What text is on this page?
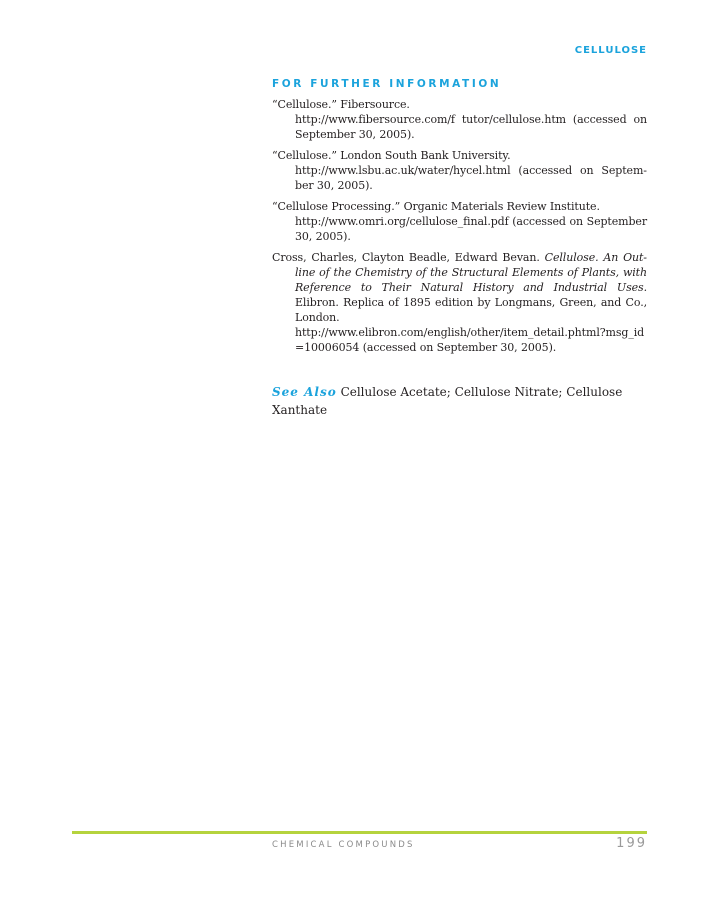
CELLULOSE
FOR FURTHER INFORMATION
“Cellulose.” Fibersource.
http://www.fibersource.com/f tutor/cellulose.htm (accessed on September 30, 2005).
“Cellulose.” London South Bank University.
http://www.lsbu.ac.uk/water/hycel.html (accessed on September 30, 2005).
“Cellulose Processing.” Organic Materials Review Institute.
http://www.omri.org/cellulose_final.pdf (accessed on September 30, 2005).
Cross, Charles, Clayton Beadle, Edward Bevan. Cellulose. An Outline of the Chemistry of the Structural Elements of Plants, with Reference to Their Natural History and Industrial Uses. Elibron. Replica of 1895 edition by Longmans, Green, and Co., London.
http://www.elibron.com/english/other/item_detail.phtml?msg_id=10006054 (accessed on September 30, 2005).

See Also Cellulose Acetate; Cellulose Nitrate; Cellulose Xanthate

CHEMICAL COMPOUNDS	199
